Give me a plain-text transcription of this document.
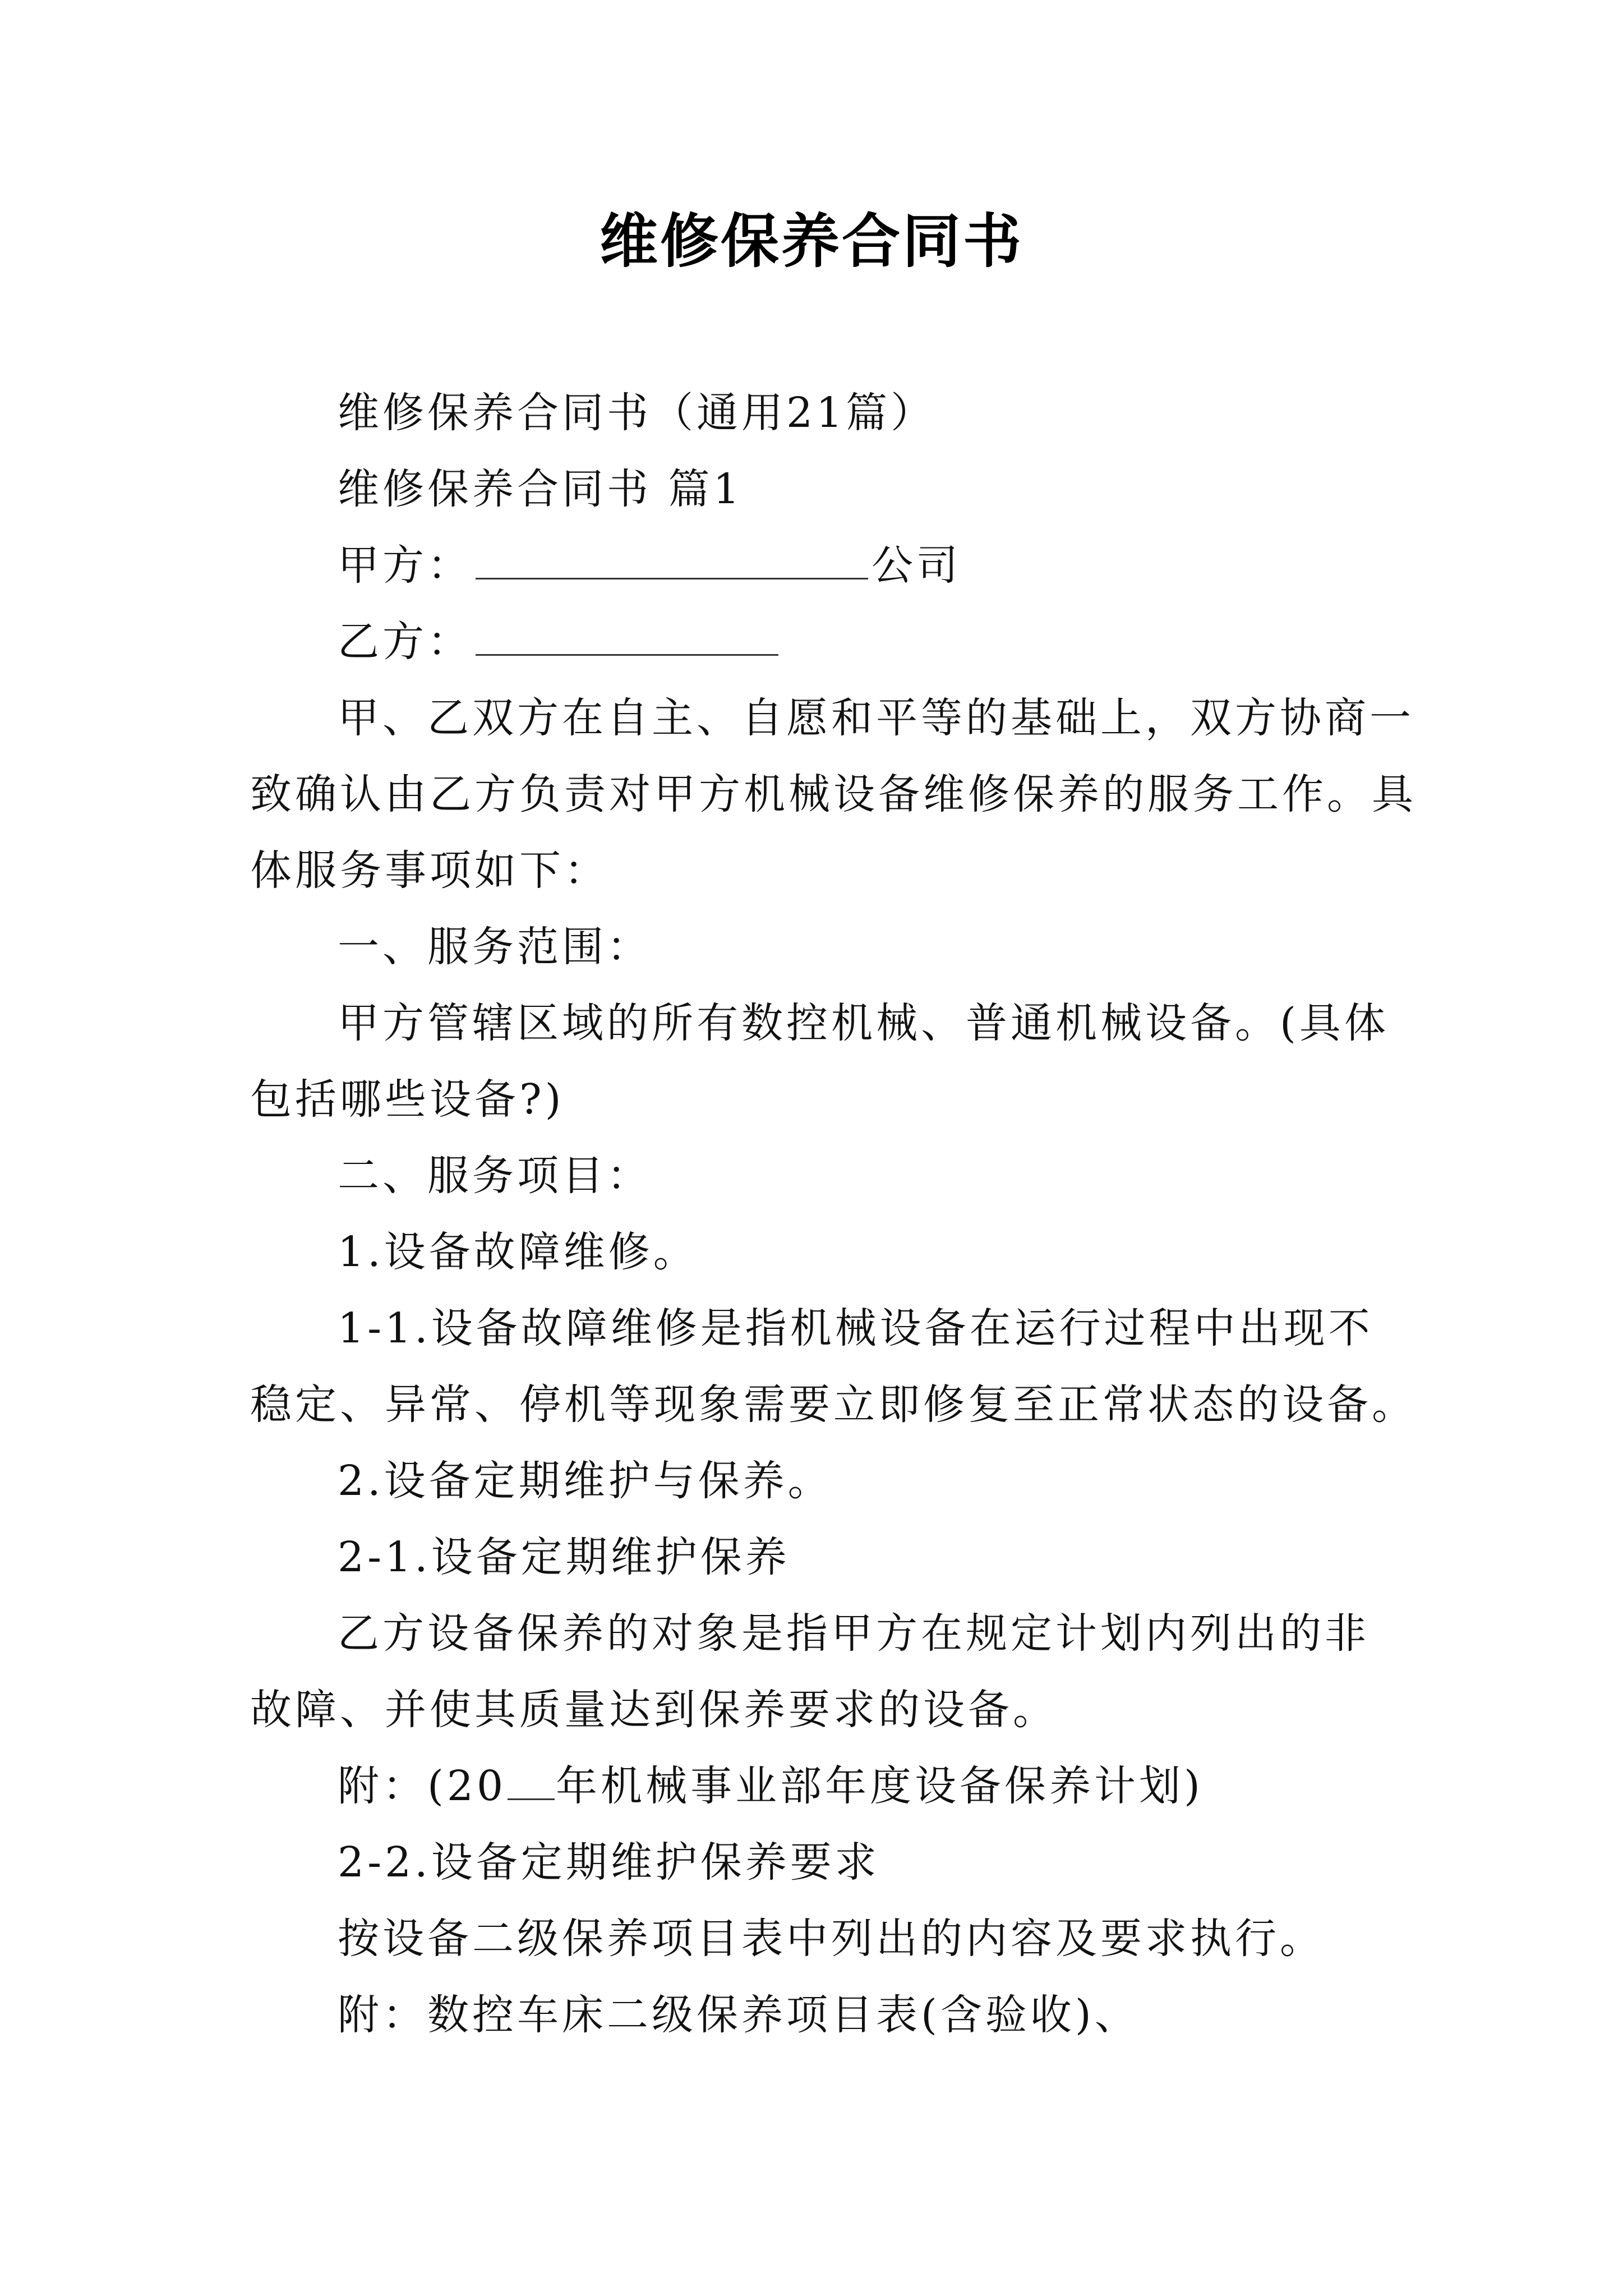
维修保养合同书
维修保养合同书（通用21篇）
维修保养合同书 篇1
甲方：	公司
乙方：
甲、乙双方在自主、自愿和平等的基础上，双方协商一
致确认由乙方负责对甲方机械设备维修保养的服务工作。具
体服务事项如下：
一、服务范围：
甲方管辖区域的所有数控机械、普通机械设备。(具体
包括哪些设备?)
二、服务项目：
1.设备故障维修。
1-1.设备故障维修是指机械设备在运行过程中出现不
稳定、异常、停机等现象需要立即修复至正常状态的设备。
2.设备定期维护与保养。
2-1.设备定期维护保养
乙方设备保养的对象是指甲方在规定计划内列出的非
故障、并使其质量达到保养要求的设备。
附：(20 年机械事业部年度设备保养计划)
2-2.设备定期维护保养要求
按设备二级保养项目表中列出的内容及要求执行。
附：数控车床二级保养项目表(含验收)、
